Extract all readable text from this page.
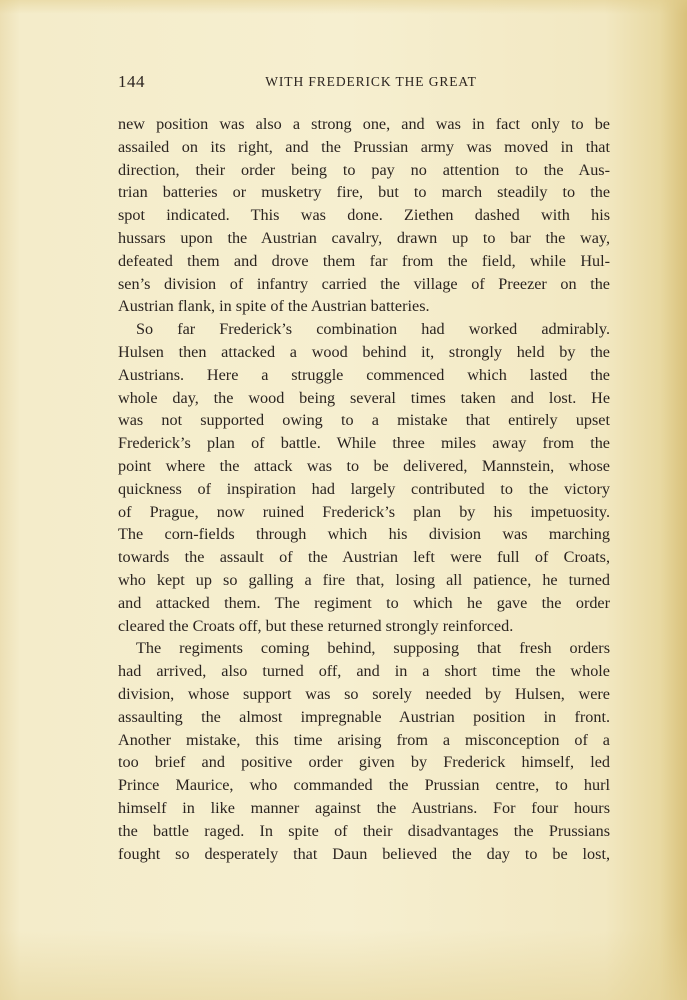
144	WITH FREDERICK THE GREAT

new position was also a strong one, and was in fact only to be

assailed on its right, and the Prussian army was moved in that

direction, their order being to pay no attention to the Aus-

trian batteries or musketry fire, but to march steadily to the

spot indicated. This was done. Ziethen dashed with his

hussars upon the Austrian cavalry, drawn up to bar the way,

defeated them and drove them far from the field, while Hul-

sen’s division of infantry carried the village of Preezer on the

Austrian flank, in spite of the Austrian batteries.

So far Frederick’s combination had worked admirably.

Hulsen then attacked a wood behind it, strongly held by the

Austrians. Here a struggle commenced which lasted the

whole day, the wood being several times taken and lost. He

was not supported owing to a mistake that entirely upset

Frederick’s plan of battle. While three miles away from the

point where the attack was to be delivered, Mannstein, whose

quickness of inspiration had largely contributed to the victory

of Prague, now ruined Frederick’s plan by his impetuosity.

The corn-fields through which his division was marching

towards the assault of the Austrian left were full of Croats,

who kept up so galling a fire that, losing all patience, he turned

and attacked them. The regiment to which he gave the order

cleared the Croats off, but these returned strongly reinforced.

The regiments coming behind, supposing that fresh orders

had arrived, also turned off, and in a short time the whole

division, whose support was so sorely needed by Hulsen, were

assaulting the almost impregnable Austrian position in front.

Another mistake, this time arising from a misconception of a

too brief and positive order given by Frederick himself, led

Prince Maurice, who commanded the Prussian centre, to hurl

himself in like manner against the Austrians. For four hours

the battle raged. In spite of their disadvantages the Prussians

fought so desperately that Daun believed the day to be lost,
